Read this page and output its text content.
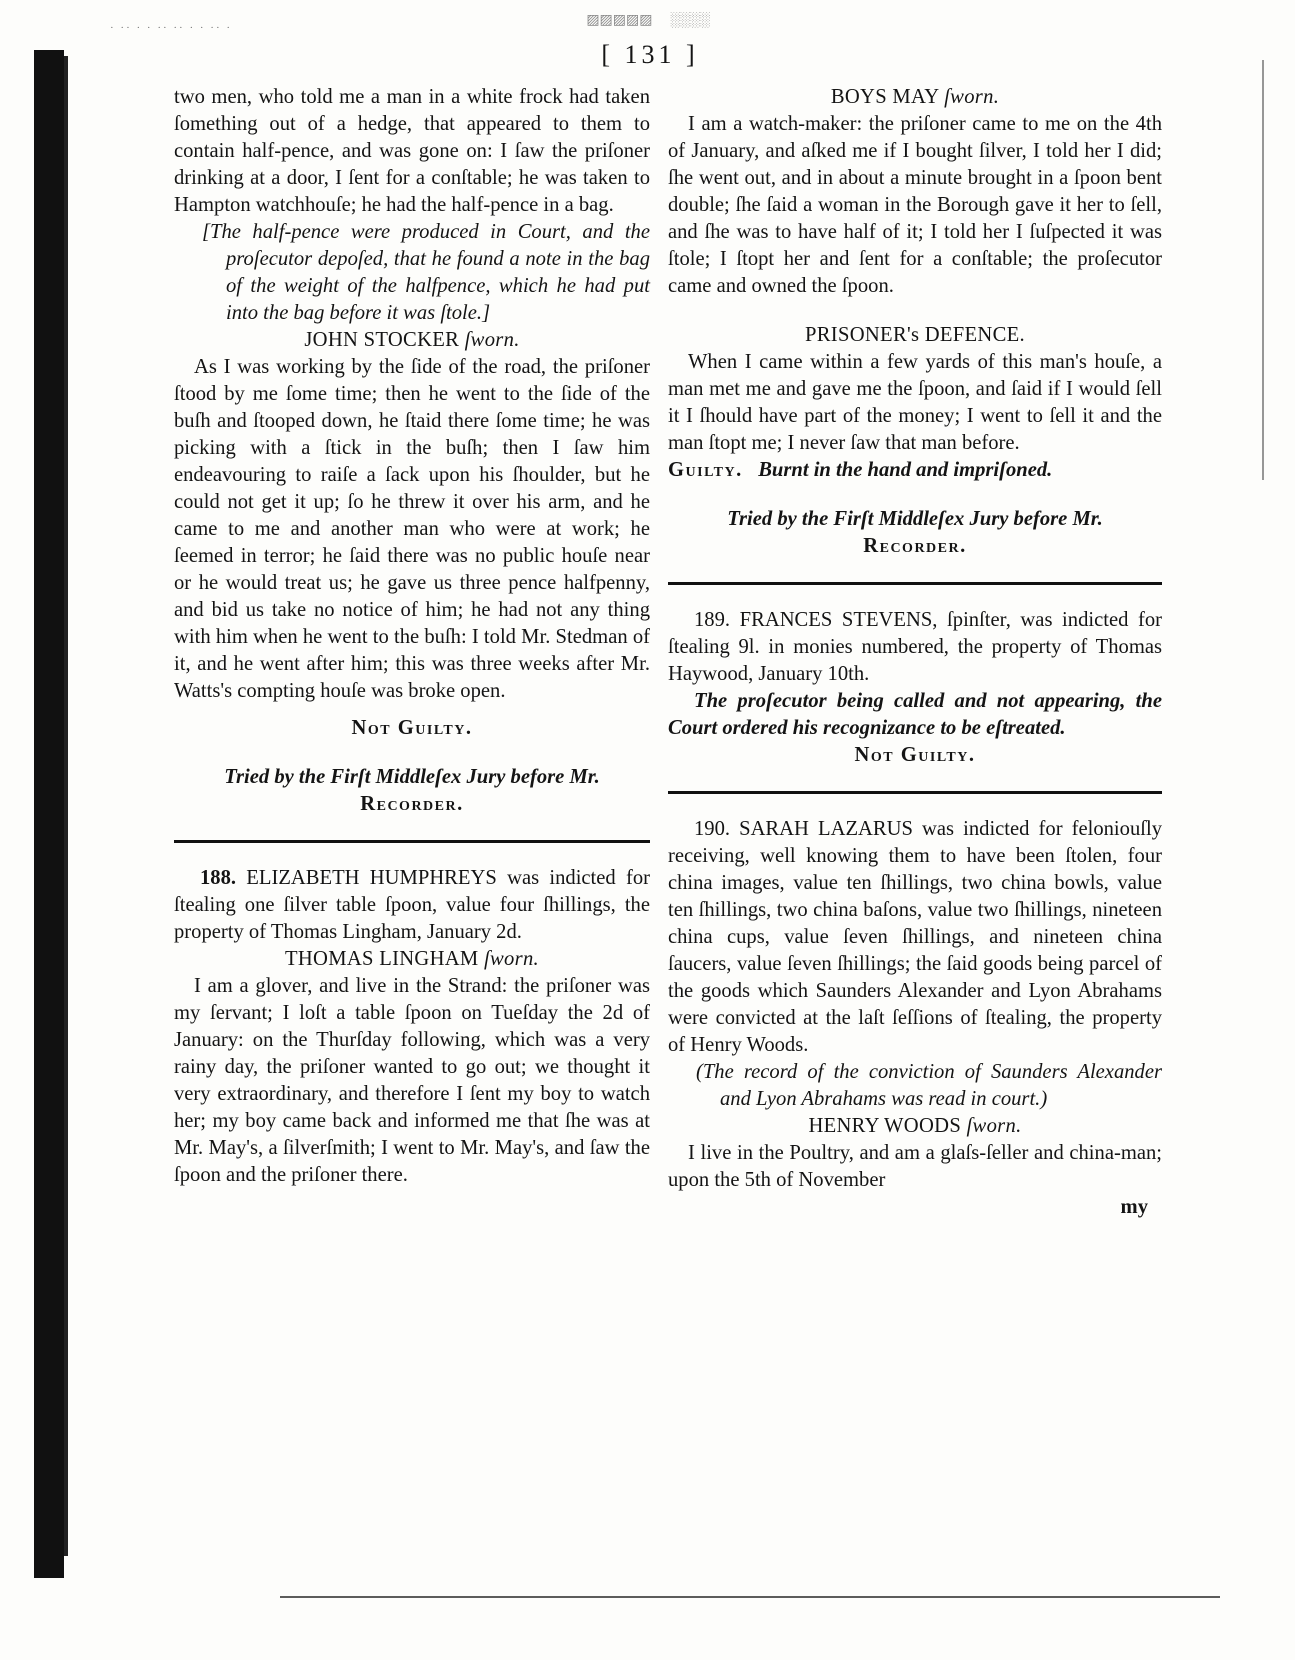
· ·· · · ·· ·· · · ·· ·	▨▨▨▨▨     ░░░░
[ 131 ]

two men, who told me a man in a white frock had taken ſomething out of a hedge, that appeared to them to contain half-pence, and was gone on: I ſaw the priſoner drinking at a door, I ſent for a conſtable; he was taken to Hampton watchhouſe; he had the half-pence in a bag.

[The half-pence were produced in Court, and the proſecutor depoſed, that he found a note in the bag of the weight of the halfpence, which he had put into the bag before it was ſtole.]

JOHN STOCKER ſworn.

As I was working by the ſide of the road, the priſoner ſtood by me ſome time; then he went to the ſide of the buſh and ſtooped down, he ſtaid there ſome time; he was picking with a ſtick in the buſh; then I ſaw him endeavouring to raiſe a ſack upon his ſhoulder, but he could not get it up; ſo he threw it over his arm, and he came to me and another man who were at work; he ſeemed in terror; he ſaid there was no public houſe near or he would treat us; he gave us three pence halfpenny, and bid us take no notice of him; he had not any thing with him when he went to the buſh: I told Mr. Stedman of it, and he went after him; this was three weeks after Mr. Watts's compting houſe was broke open.

Not Guilty.

Tried by the Firſt Middleſex Jury before Mr.

Recorder.

188. ELIZABETH HUMPHREYS was indicted for ſtealing one ſilver table ſpoon, value four ſhillings, the property of Thomas Lingham, January 2d.

THOMAS LINGHAM ſworn.

I am a glover, and live in the Strand: the priſoner was my ſervant; I loſt a table ſpoon on Tueſday the 2d of January: on the Thurſday following, which was a very rainy day, the priſoner wanted to go out; we thought it very extraordinary, and therefore I ſent my boy to watch her; my boy came back and informed me that ſhe was at Mr. May's, a ſilverſmith; I went to Mr. May's, and ſaw the ſpoon and the priſoner there.

BOYS MAY ſworn.

I am a watch-maker: the priſoner came to me on the 4th of January, and aſked me if I bought ſilver, I told her I did; ſhe went out, and in about a minute brought in a ſpoon bent double; ſhe ſaid a woman in the Borough gave it her to ſell, and ſhe was to have half of it; I told her I ſuſpected it was ſtole; I ſtopt her and ſent for a conſtable; the proſecutor came and owned the ſpoon.

PRISONER's DEFENCE.

When I came within a few yards of this man's houſe, a man met me and gave me the ſpoon, and ſaid if I would ſell it I ſhould have part of the money; I went to ſell it and the man ſtopt me; I never ſaw that man before.

Guilty. Burnt in the hand and impriſoned.

Tried by the Firſt Middleſex Jury before Mr.

Recorder.

189. FRANCES STEVENS, ſpinſter, was indicted for ſtealing 9l. in monies numbered, the property of Thomas Haywood, January 10th.

The proſecutor being called and not appearing, the Court ordered his recognizance to be eſtreated.

Not Guilty.

190. SARAH LAZARUS was indicted for feloniouſly receiving, well knowing them to have been ſtolen, four china images, value ten ſhillings, two china bowls, value ten ſhillings, two china baſons, value two ſhillings, nineteen china cups, value ſeven ſhillings, and nineteen china ſaucers, value ſeven ſhillings; the ſaid goods being parcel of the goods which Saunders Alexander and Lyon Abrahams were convicted at the laſt ſeſſions of ſtealing, the property of Henry Woods.

(The record of the conviction of Saunders Alexander and Lyon Abrahams was read in court.)

HENRY WOODS ſworn.

I live in the Poultry, and am a glaſs-ſeller and china-man; upon the 5th of November

my
